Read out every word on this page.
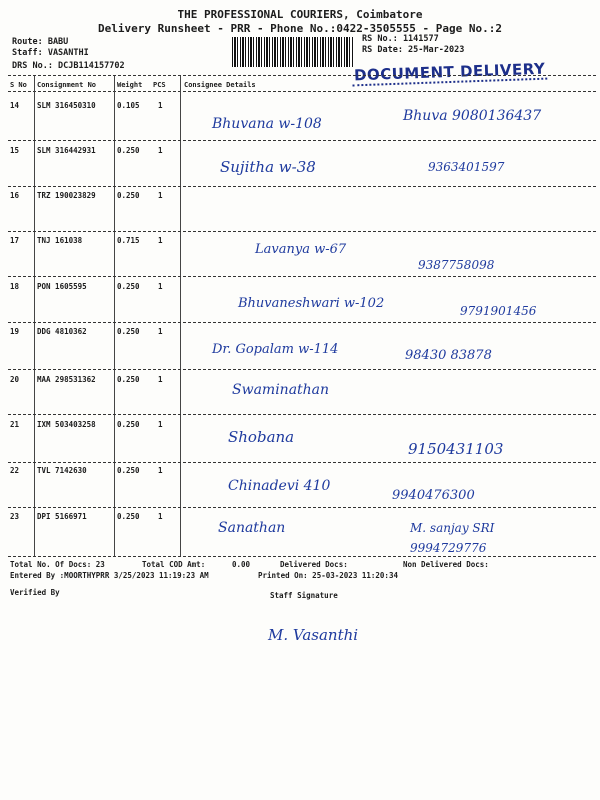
THE PROFESSIONAL COURIERS, Coimbatore
Delivery Runsheet - PRR - Phone No.:0422-3505555 - Page No.:2
Route: BABU
Staff: VASANTHI
DRS No.: DCJB114157702
RS No.: 1141577
RS Date: 25-Mar-2023
DOCUMENT DELIVERY
S No Consignment No	Weight PCS	Consignee Details
14 SLM 316450310	0.105 1
Bhuvana w-108	Bhuva 9080136437
15 SLM 316442931	0.250 1
Sujitha w-38	9363401597
16 TRZ 190023829	0.250 1
17 TNJ 161038	0.715 1
Lavanya w-67
9387758098
18 PON 1605595	0.250 1
Bhuvaneshwari w-102	9791901456
19 DDG 4810362	0.250 1
Dr. Gopalam w-114	98430 83878
20 MAA 298531362	0.250 1
Swaminathan
21 IXM 503403258	0.250 1
Shobana
9150431103
22 TVL 7142630	0.250 1
Chinadevi 410
9940476300
23 DPI 5166971	0.250 1
Sanathan	M. sanjay SRI 9994729776
Total No. Of Docs: 23	Total COD Amt:	0.00	Delivered Docs:	Non Delivered Docs:
Entered By :MOORTHYPRR 3/25/2023 11:19:23 AM	Printed On: 25-03-2023 11:20:34
Verified By	Staff Signature
M. Vasanthi
